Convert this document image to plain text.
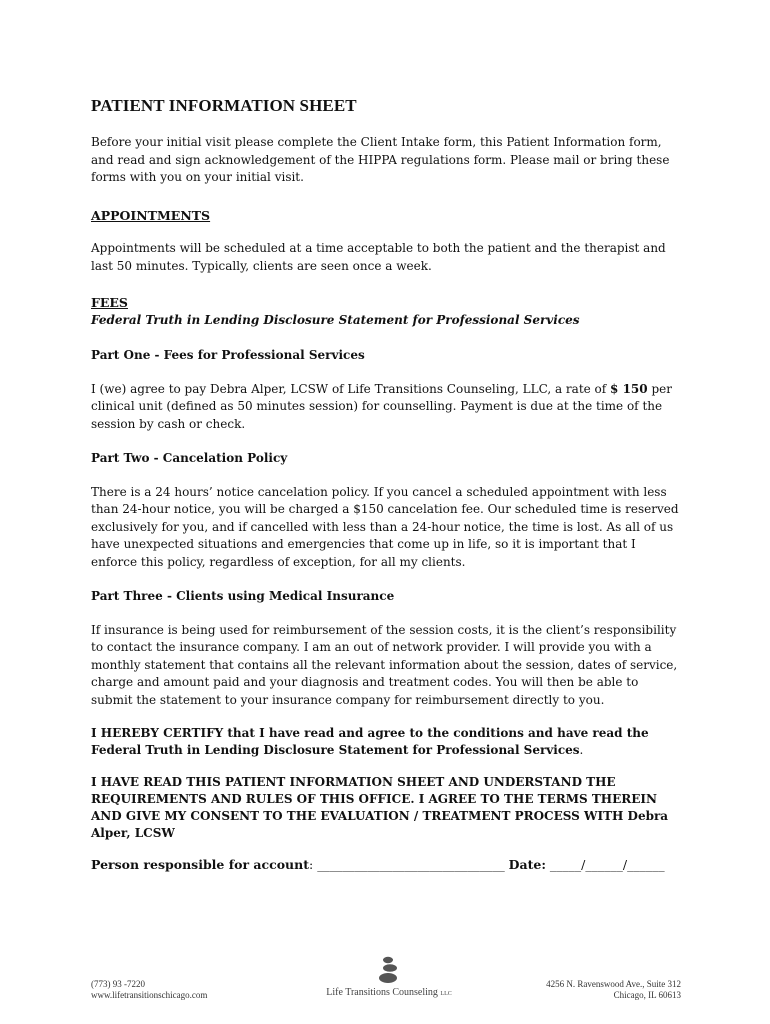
PATIENT INFORMATION SHEET

Before your initial visit please complete the Client Intake form, this Patient Information form, and read and sign acknowledgement of the HIPPA regulations form. Please mail or bring these forms with you on your initial visit.

APPOINTMENTS

Appointments will be scheduled at a time acceptable to both the patient and the therapist and last 50 minutes. Typically, clients are seen once a week.

FEES

Federal Truth in Lending Disclosure Statement for Professional Services

Part One - Fees for Professional Services

I (we) agree to pay Debra Alper, LCSW of Life Transitions Counseling, LLC, a rate of $ 150 per clinical unit (defined as 50 minutes session) for counselling. Payment is due at the time of the session by cash or check.

Part Two - Cancelation Policy

There is a 24 hours’ notice cancelation policy. If you cancel a scheduled appointment with less than 24-hour notice, you will be charged a $150 cancelation fee. Our scheduled time is reserved exclusively for you, and if cancelled with less than a 24-hour notice, the time is lost. As all of us have unexpected situations and emergencies that come up in life, so it is important that I enforce this policy, regardless of exception, for all my clients.

Part Three - Clients using Medical Insurance

If insurance is being used for reimbursement of the session costs, it is the client’s responsibility to contact the insurance company. I am an out of network provider. I will provide you with a monthly statement that contains all the relevant information about the session, dates of service, charge and amount paid and your diagnosis and treatment codes. You will then be able to submit the statement to your insurance company for reimbursement directly to you.

I HEREBY CERTIFY that I have read and agree to the conditions and have read the Federal Truth in Lending Disclosure Statement for Professional Services.

I HAVE READ THIS PATIENT INFORMATION SHEET AND UNDERSTAND THE REQUIREMENTS AND RULES OF THIS OFFICE. I AGREE TO THE TERMS THEREIN AND GIVE MY CONSENT TO THE EVALUATION / TREATMENT PROCESS WITH Debra Alper, LCSW

Person responsible for account: ______________________________ Date: _____/______/______

(773) 93 -7220
www.lifetransitionschicago.com	Life Transitions Counseling LLC
4256 N. Ravenswood Ave., Suite 312
Chicago, IL 60613
